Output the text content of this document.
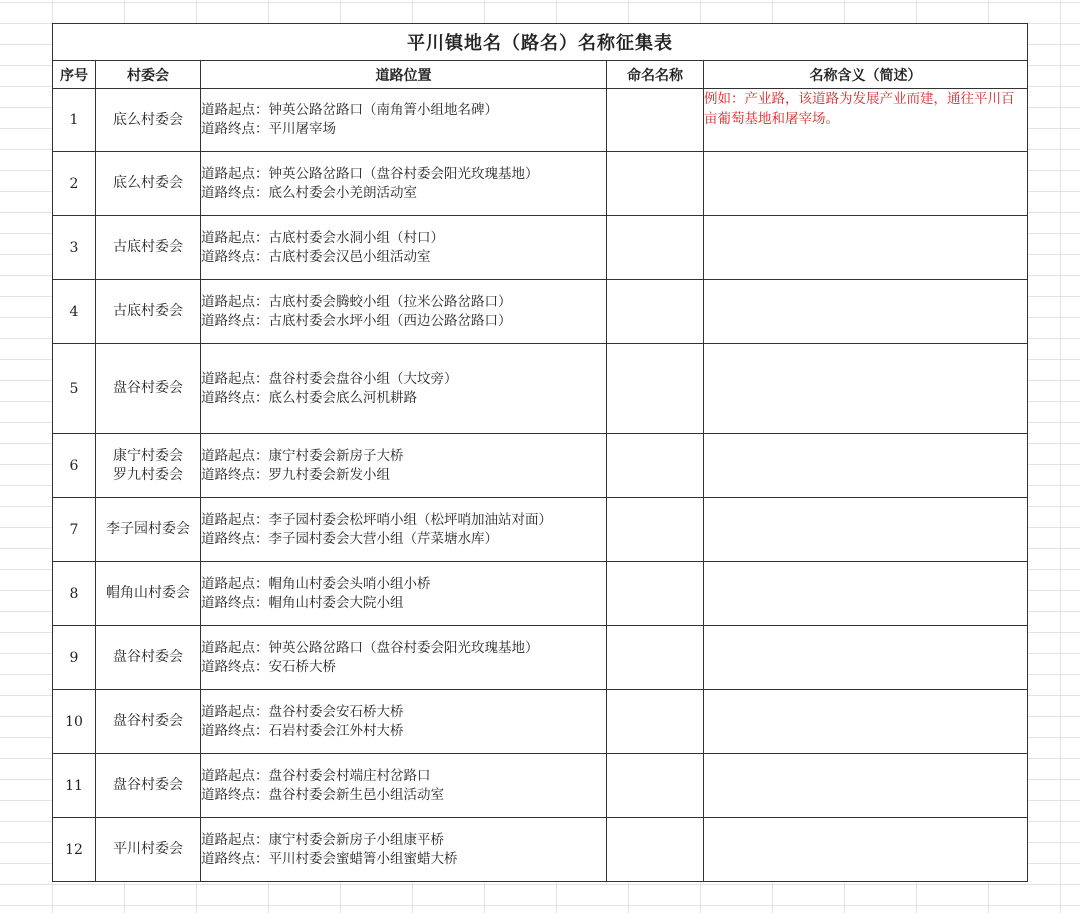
平川镇地名（路名）名称征集表				
序号	村委会	道路位置	命名名称	名称含义（简述）
1	底么村委会	道路起点：钟英公路岔路口（南角箐小组地名碑）
道路终点：平川屠宰场		例如：产业路，该道路为发展产业而建，通往平川百亩葡萄基地和屠宰场。
2	底么村委会	道路起点：钟英公路岔路口（盘谷村委会阳光玫瑰基地）
道路终点：底么村委会小羌朗活动室		

3	古底村委会	道路起点：古底村委会水洞小组（村口）
道路终点：古底村委会汉邑小组活动室		

4	古底村委会	道路起点：古底村委会腾蛟小组（拉米公路岔路口）
道路终点：古底村委会水坪小组（西边公路岔路口）		

5	盘谷村委会	道路起点：盘谷村委会盘谷小组（大坟旁）
道路终点：底么村委会底么河机耕路		

6	康宁村委会
罗九村委会	道路起点：康宁村委会新房子大桥
道路终点：罗九村委会新发小组		

7	李子园村委会	道路起点：李子园村委会松坪哨小组（松坪哨加油站对面）
道路终点：李子园村委会大营小组（芹菜塘水库）		

8	帽角山村委会	道路起点：帽角山村委会头哨小组小桥
道路终点：帽角山村委会大院小组		

9	盘谷村委会	道路起点：钟英公路岔路口（盘谷村委会阳光玫瑰基地）
道路终点：安石桥大桥		

10	盘谷村委会	道路起点：盘谷村委会安石桥大桥
道路终点：石岩村委会江外村大桥		

11	盘谷村委会	道路起点：盘谷村委会村端庄村岔路口
道路终点：盘谷村委会新生邑小组活动室		

12	平川村委会	道路起点：康宁村委会新房子小组康平桥
道路终点：平川村委会蜜蜡箐小组蜜蜡大桥		
